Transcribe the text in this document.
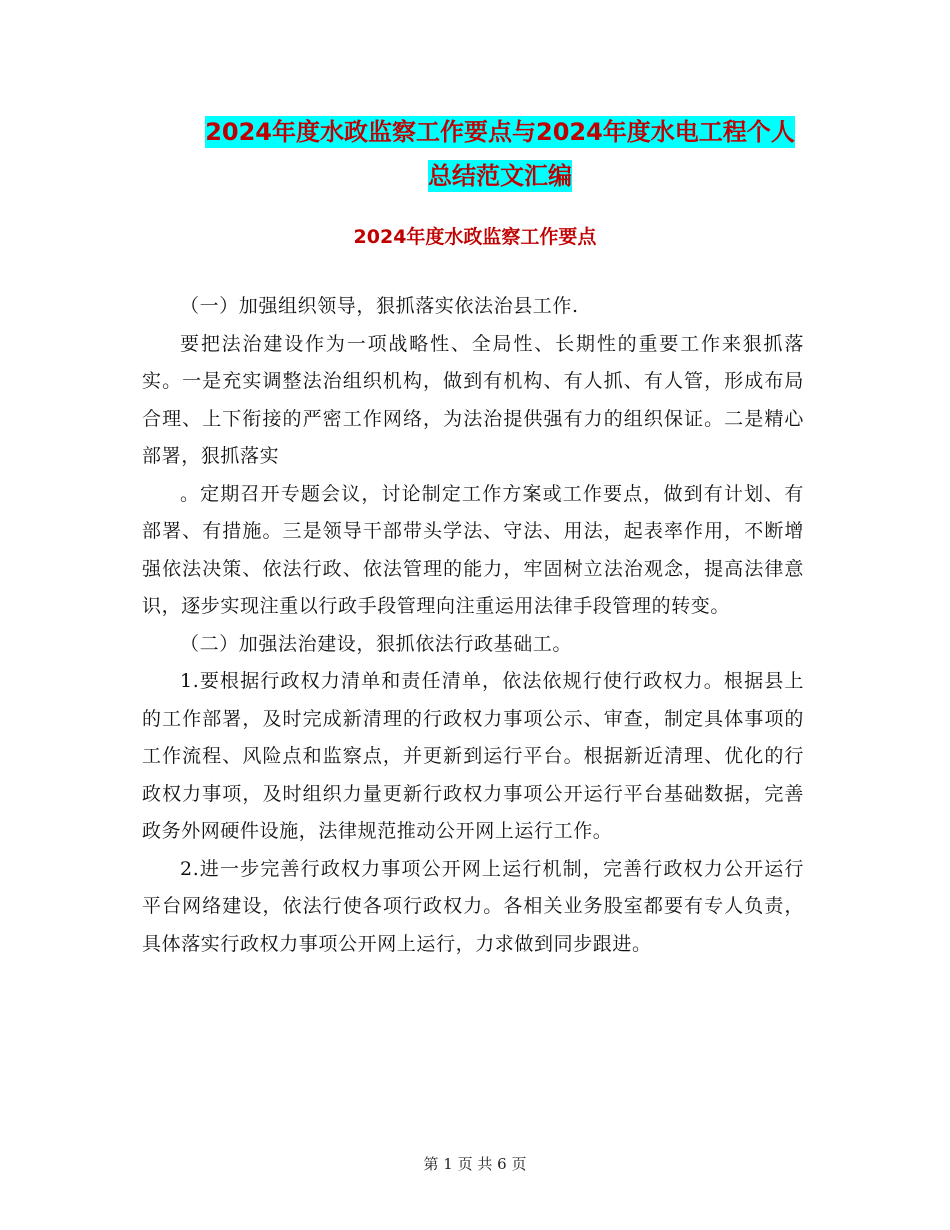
2024年度水政监察工作要点与2024年度水电工程个人
总结范文汇编
2024年度水政监察工作要点

（一）加强组织领导，狠抓落实依法治县工作.

要把法治建设作为一项战略性、全局性、长期性的重要工作来狠抓落实。一是充实调整法治组织机构，做到有机构、有人抓、有人管，形成布局合理、上下衔接的严密工作网络，为法治提供强有力的组织保证。二是精心部署，狠抓落实

。定期召开专题会议，讨论制定工作方案或工作要点，做到有计划、有部署、有措施。三是领导干部带头学法、守法、用法，起表率作用，不断增强依法决策、依法行政、依法管理的能力，牢固树立法治观念，提高法律意识，逐步实现注重以行政手段管理向注重运用法律手段管理的转变。

（二）加强法治建设，狠抓依法行政基础工。

1.要根据行政权力清单和责任清单，依法依规行使行政权力。根据县上的工作部署，及时完成新清理的行政权力事项公示、审查，制定具体事项的工作流程、风险点和监察点，并更新到运行平台。根据新近清理、优化的行政权力事项，及时组织力量更新行政权力事项公开运行平台基础数据，完善政务外网硬件设施，法律规范推动公开网上运行工作。

2.进一步完善行政权力事项公开网上运行机制，完善行政权力公开运行平台网络建设，依法行使各项行政权力。各相关业务股室都要有专人负责，具体落实行政权力事项公开网上运行，力求做到同步跟进。

第 1 页 共 6 页
